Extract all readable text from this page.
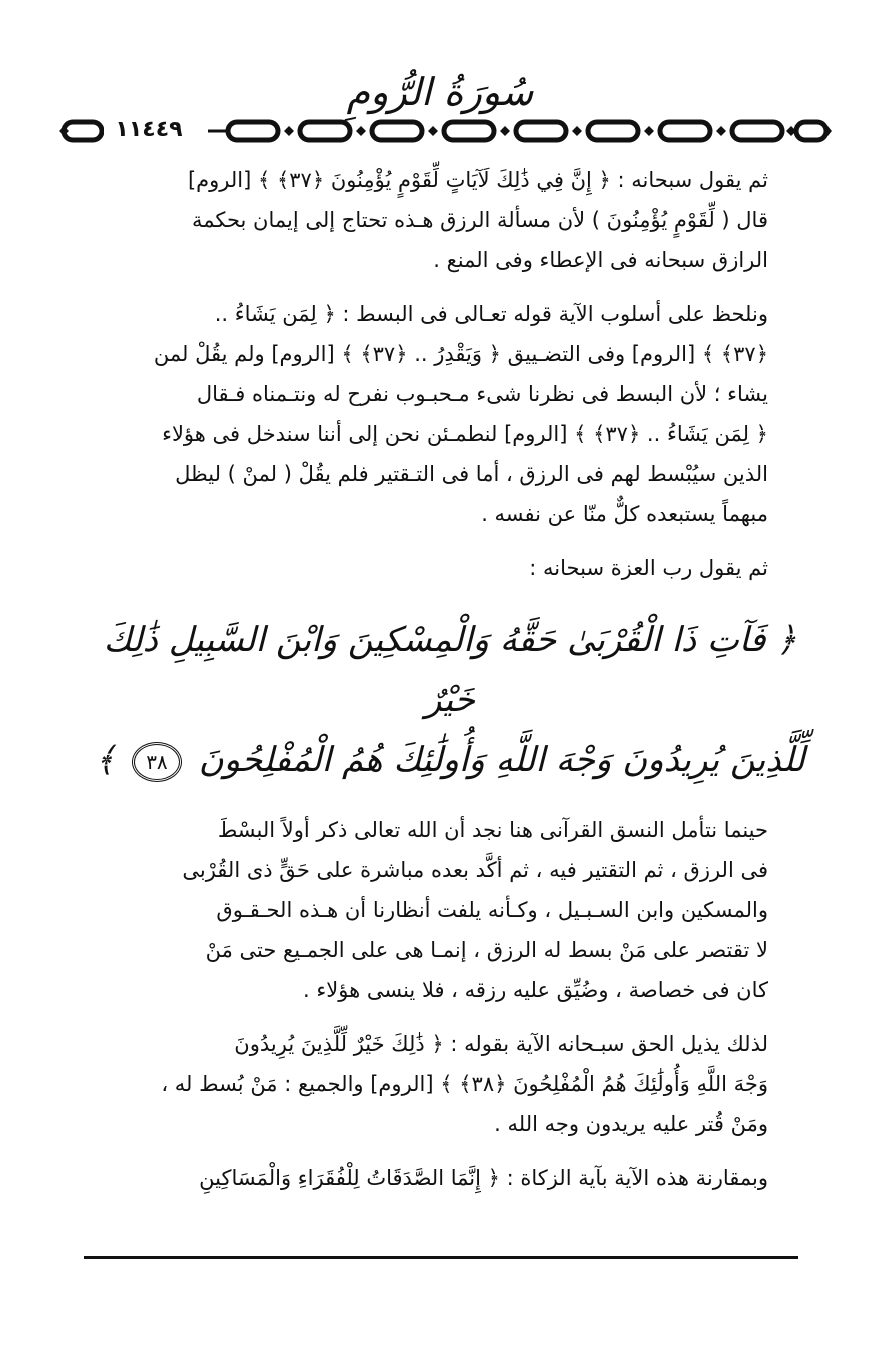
سُورَةُ الرُّومِ
١١٤٤٩

ثم يقول سبحانه : ﴿ إِنَّ فِي ذَٰلِكَ لَآيَاتٍ لِّقَوْمٍ يُؤْمِنُونَ ﴿٣٧﴾ ﴾ [الروم]
قال ( لِّقَوْمٍ يُؤْمِنُونَ ) لأن مسألة الرزق هـذه تحتاج إلى إيمان بحكمة
الرازق سبحانه فى الإعطاء وفى المنع .

ونلحظ على أسلوب الآية قوله تعـالى فى البسط : ﴿ لِمَن يَشَاءُ ..
﴿٣٧﴾ ﴾ [الروم] وفى التضـييق ﴿ وَيَقْدِرُ .. ﴿٣٧﴾ ﴾ [الروم] ولم يقُلْ لمن
يشاء ؛ لأن البسط فى نظرنا شىء مـحبـوب نفرح له ونتـمناه فـقال
﴿ لِمَن يَشَاءُ .. ﴿٣٧﴾ ﴾ [الروم] لنطمـئن نحن إلى أننا سندخل فى هؤلاء
الذين سيُبْسط لهم فى الرزق ، أما فى التـقتير فلم يقُلْ ( لمنْ ) ليظل
مبهماً يستبعده كلٌّ منّا عن نفسه .

ثم يقول رب العزة سبحانه :

﴿ فَآتِ ذَا الْقُرْبَىٰ حَقَّهُ وَالْمِسْكِينَ وَابْنَ السَّبِيلِ ذَٰلِكَ خَيْرٌ
لِّلَّذِينَ يُرِيدُونَ وَجْهَ اللَّهِ وَأُولَٰئِكَ هُمُ الْمُفْلِحُونَ ٣٨ ﴾

حينما نتأمل النسق القرآنى هنا نجد أن الله تعالى ذكر أولاً البسْطَ
فى الرزق ، ثم التقتير فيه ، ثم أكَّد بعده مباشرة على حَقٍّ ذى القُرْبى
والمسكين وابن السـبـيل ، وكـأنه يلفت أنظارنا أن هـذه الحـقـوق
لا تقتصر على مَنْ بسط له الرزق ، إنمـا هى على الجمـيع حتى مَنْ
كان فى خصاصة ، وضُيِّق عليه رزقه ، فلا ينسى هؤلاء .

لذلك يذيل الحق سبـحانه الآية بقوله : ﴿ ذَٰلِكَ خَيْرٌ لِّلَّذِينَ يُرِيدُونَ
وَجْهَ اللَّهِ وَأُولَٰئِكَ هُمُ الْمُفْلِحُونَ ﴿٣٨﴾ ﴾ [الروم] والجميع : مَنْ بُسط له ،
ومَنْ قُتر عليه يريدون وجه الله .

وبمقارنة هذه الآية بآية الزكاة : ﴿ إِنَّمَا الصَّدَقَاتُ لِلْفُقَرَاءِ وَالْمَسَاكِينِ
